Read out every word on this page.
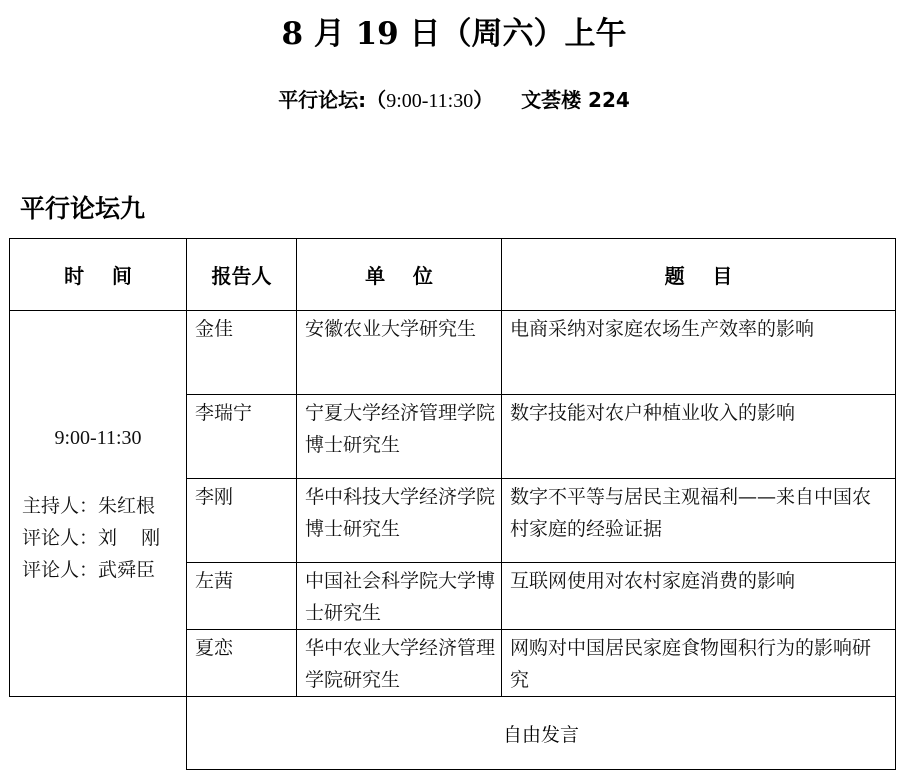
8 月 19 日（周六）上午
平行论坛:（9:00-11:30） 文荟楼 224
平行论坛九
时    间	报告人	单    位	题    目

9:00-11:30
主持人：朱红根
评论人：刘    刚
评论人：武舜臣	金佳	安徽农业大学研究生	电商采纳对家庭农场生产效率的影响
	李瑞宁	宁夏大学经济管理学院博士研究生	数字技能对农户种植业收入的影响
	李刚	华中科技大学经济学院博士研究生	数字不平等与居民主观福利——来自中国农村家庭的经验证据
	左茜	中国社会科学院大学博士研究生	互联网使用对农村家庭消费的影响
	夏恋	华中农业大学经济管理学院研究生	网购对中国居民家庭食物囤积行为的影响研究
	自由发言		
